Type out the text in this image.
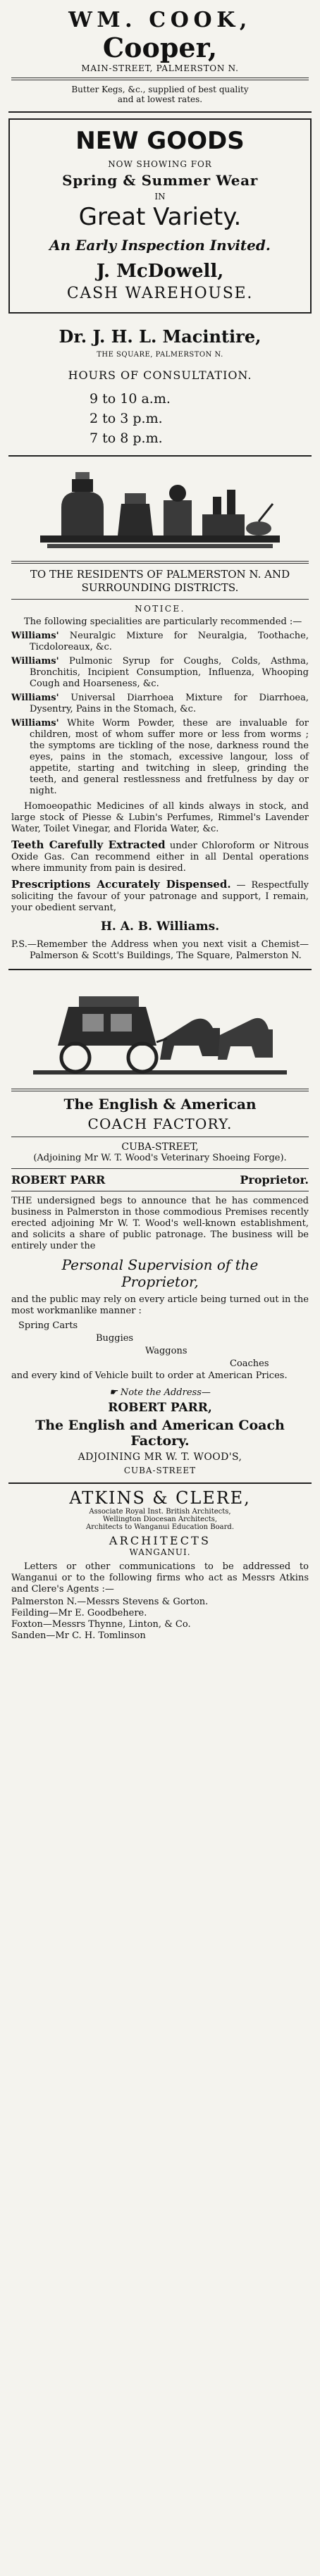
WM. COOK,
Cooper,
MAIN-STREET, PALMERSTON N.
Butter Kegs, &c., supplied of best quality
and at lowest rates.
NEW GOODS
NOW SHOWING FOR
Spring & Summer Wear
IN
Great Variety.
An Early Inspection Invited.
J. McDowell,
CASH WAREHOUSE.
Dr. J. H. L. Macintire,
THE SQUARE, PALMERSTON N.
HOURS OF CONSULTATION.
9 to 10 a.m.
2 to 3 p.m.
7 to 8 p.m.
TO THE RESIDENTS OF PALMERSTON N. AND SURROUNDING DISTRICTS.
NOTICE.
The following specialities are particularly recommended :—
Williams' Neuralgic Mixture for Neuralgia, Toothache, Ticdoloreaux, &c.
Williams' Pulmonic Syrup for Coughs, Colds, Asthma, Bronchitis, Incipient Consumption, Influenza, Whooping Cough and Hoarseness, &c.
Williams' Universal Diarrhoea Mixture for Diarrhoea, Dysentry, Pains in the Stomach, &c.
Williams' White Worm Powder, these are invaluable for children, most of whom suffer more or less from worms ; the symptoms are tickling of the nose, darkness round the eyes, pains in the stomach, excessive langour, loss of appetite, starting and twitching in sleep, grinding the teeth, and general restlessness and fretfulness by day or night.
Homoeopathic Medicines of all kinds always in stock, and large stock of Piesse & Lubin's Perfumes, Rimmel's Lavender Water, Toilet Vinegar, and Florida Water, &c.
Teeth Carefully Extracted under Chloroform or Nitrous Oxide Gas. Can recommend either in all Dental operations where immunity from pain is desired.
Prescriptions Accurately Dispensed. — Respectfully soliciting the favour of your patronage and support, I remain, your obedient servant,
H. A. B. Williams.
P.S.—Remember the Address when you next visit a Chemist—Palmerson & Scott's Buildings, The Square, Palmerston N.
The English & American
COACH FACTORY.
CUBA-STREET,
(Adjoining Mr W. T. Wood's Veterinary Shoeing Forge).
ROBERT PARR	Proprietor.
THE undersigned begs to announce that he has commenced business in Palmerston in those commodious Premises recently erected adjoining Mr W. T. Wood's well-known establishment, and solicits a share of public patronage. The business will be entirely under the
Personal Supervision of the
Proprietor,
and the public may rely on every article being turned out in the most workmanlike manner :
Spring Carts
Buggies
Waggons
Coaches
and every kind of Vehicle built to order at American Prices.
☛ Note the Address—
ROBERT PARR,
The English and American Coach Factory.
ADJOINING MR W. T. WOOD'S,
CUBA-STREET
ATKINS & CLERE,
Associate Royal Inst. British Architects,
Wellington Diocesan Architects,
Architects to Wanganui Education Board.
ARCHITECTS
WANGANUI.
Letters or other communications to be addressed to Wanganui or to the following firms who act as Messrs Atkins and Clere's Agents :—
Palmerston N.—Messrs Stevens & Gorton.
Feilding—Mr E. Goodbehere.
Foxton—Messrs Thynne, Linton, & Co.
Sanden—Mr C. H. Tomlinson
